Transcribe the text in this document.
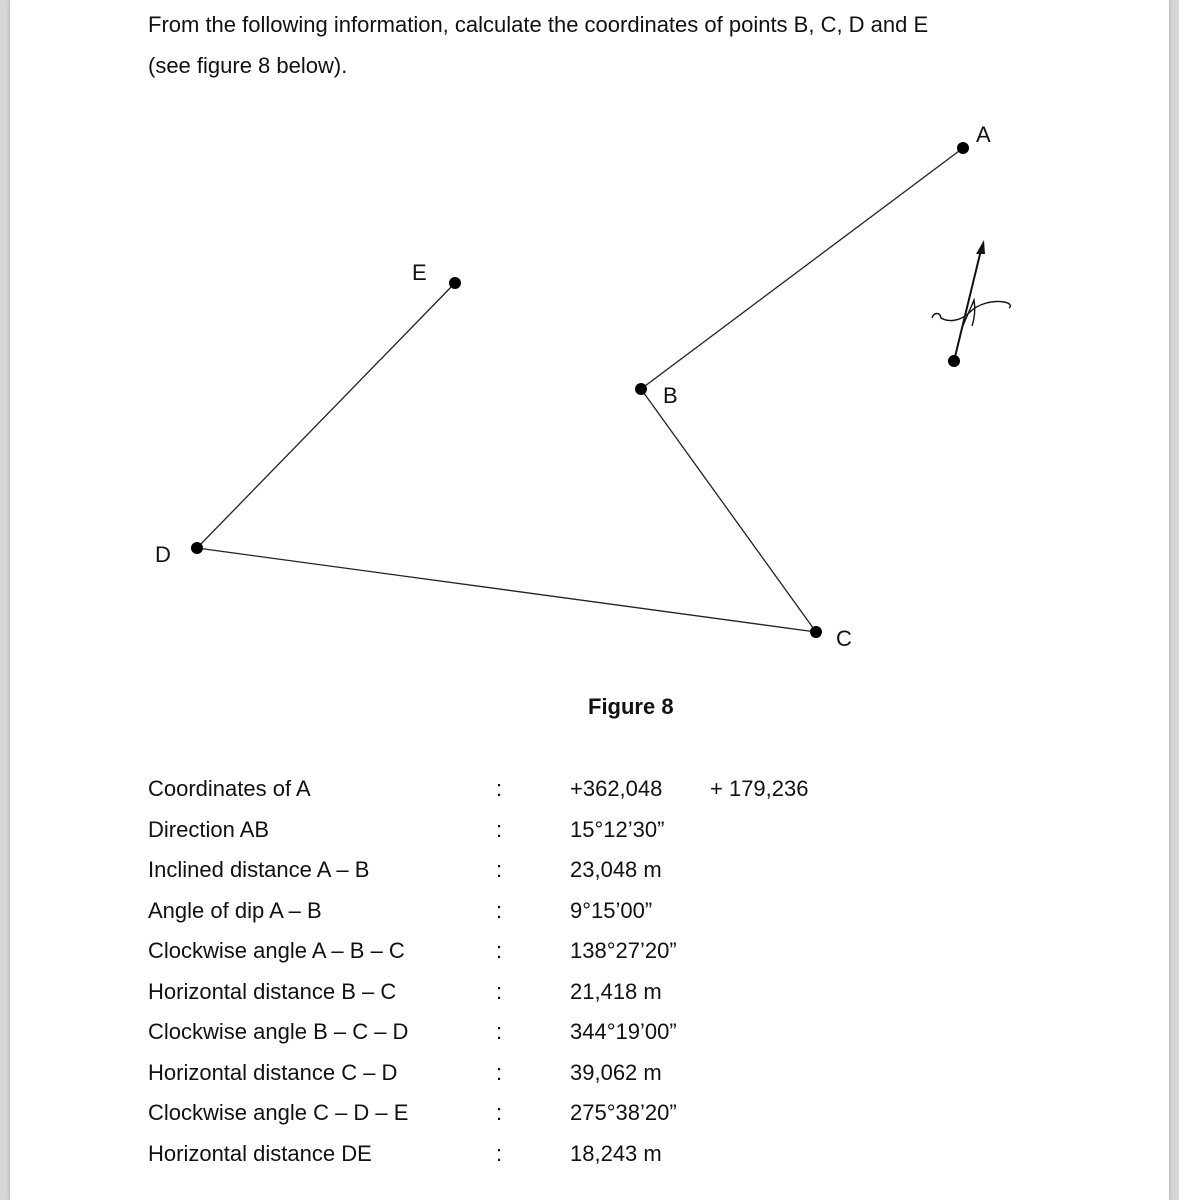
From the following information, calculate the coordinates of points B, C, D and E
(see figure 8 below).

A
B
C
D
E

Figure 8

Coordinates of A	:	+362,048	+ 179,236
Direction AB	:	15°12’30”	
Inclined distance A – B	:	23,048 m	
Angle of dip A – B	:	9°15’00”	
Clockwise angle A – B – C	:	138°27’20”	
Horizontal distance B – C	:	21,418 m	
Clockwise angle B – C – D	:	344°19’00”	
Horizontal distance C – D	:	39,062 m	
Clockwise angle C – D – E	:	275°38’20”	
Horizontal distance DE	:	18,243 m	
